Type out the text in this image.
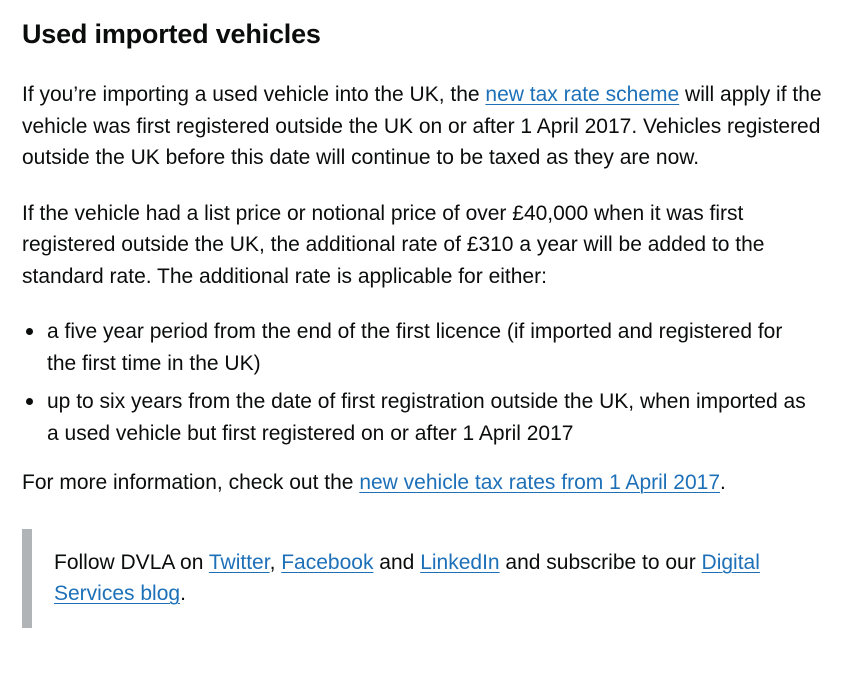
Used imported vehicles

If you’re importing a used vehicle into the UK, the new tax rate scheme will apply if the vehicle was first registered outside the UK on or after 1 April 2017. Vehicles registered outside the UK before this date will continue to be taxed as they are now.

If the vehicle had a list price or notional price of over £40,000 when it was first registered outside the UK, the additional rate of £310 a year will be added to the standard rate. The additional rate is applicable for either:

a five year period from the end of the first licence (if imported and registered for the first time in the UK)
up to six years from the date of first registration outside the UK, when imported as a used vehicle but first registered on or after 1 April 2017

For more information, check out the new vehicle tax rates from 1 April 2017.

Follow DVLA on Twitter, Facebook and LinkedIn and subscribe to our Digital Services blog.
